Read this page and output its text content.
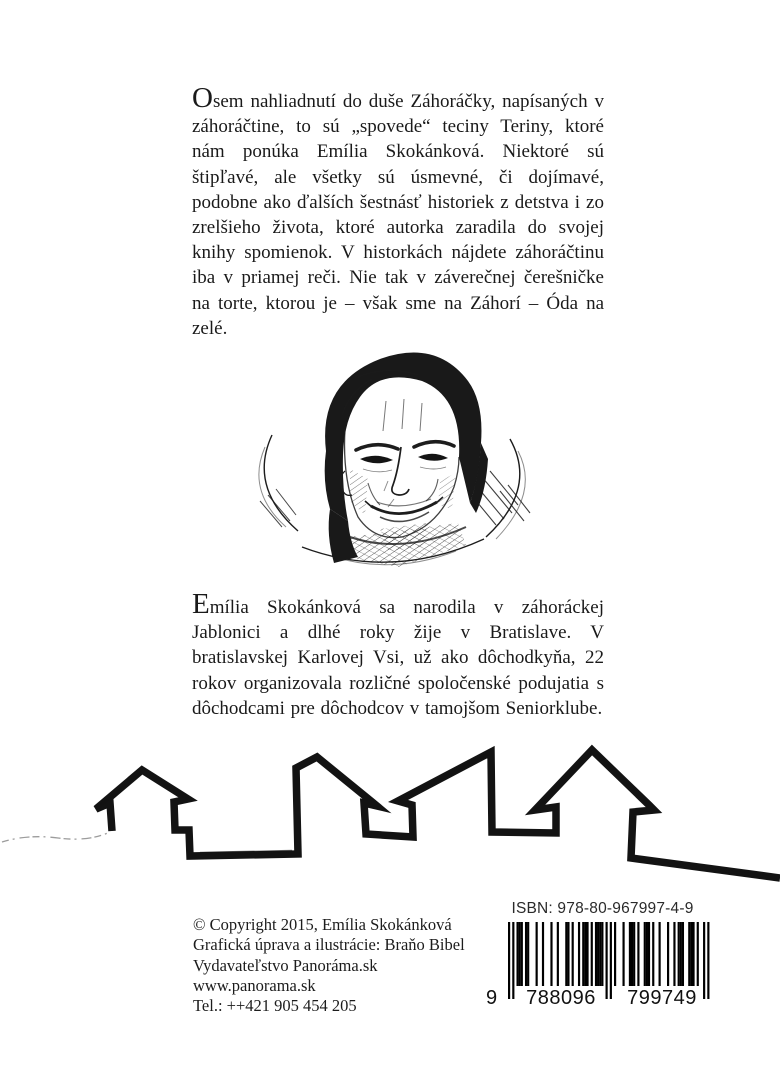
Osem nahliadnutí do duše Záhoráčky, napísaných v záhoráčtine, to sú „spovede“ teciny Teriny, ktoré nám ponúka Emília Skokánková. Niektoré sú štipľavé, ale všetky sú úsmevné, či dojímavé, podobne ako ďalších šestnásť historiek z detstva i zo zrelšieho života, ktoré autorka zaradila do svojej knihy spomienok. V historkách nájdete záhoráčtinu iba v priamej reči. Nie tak v záverečnej čerešničke na torte, ktorou je – však sme na Záhorí – Óda na zelé.

Emília Skokánková sa narodila v záhoráckej Jablonici a dlhé roky žije v Bratislave. V bratislavskej Karlovej Vsi, už ako dôchodkyňa, 22 rokov organizovala rozličné spoločenské podujatia s dôchodcami pre dôchodcov v tamojšom Seniorklube.

© Copyright 2015, Emília Skokánková
Grafická úprava a ilustrácie: Braňo Bibel
Vydavateľstvo Panoráma.sk
www.panorama.sk
Tel.: ++421 905 454 205
ISBN: 978-80-967997-4-9
9	788096	799749
